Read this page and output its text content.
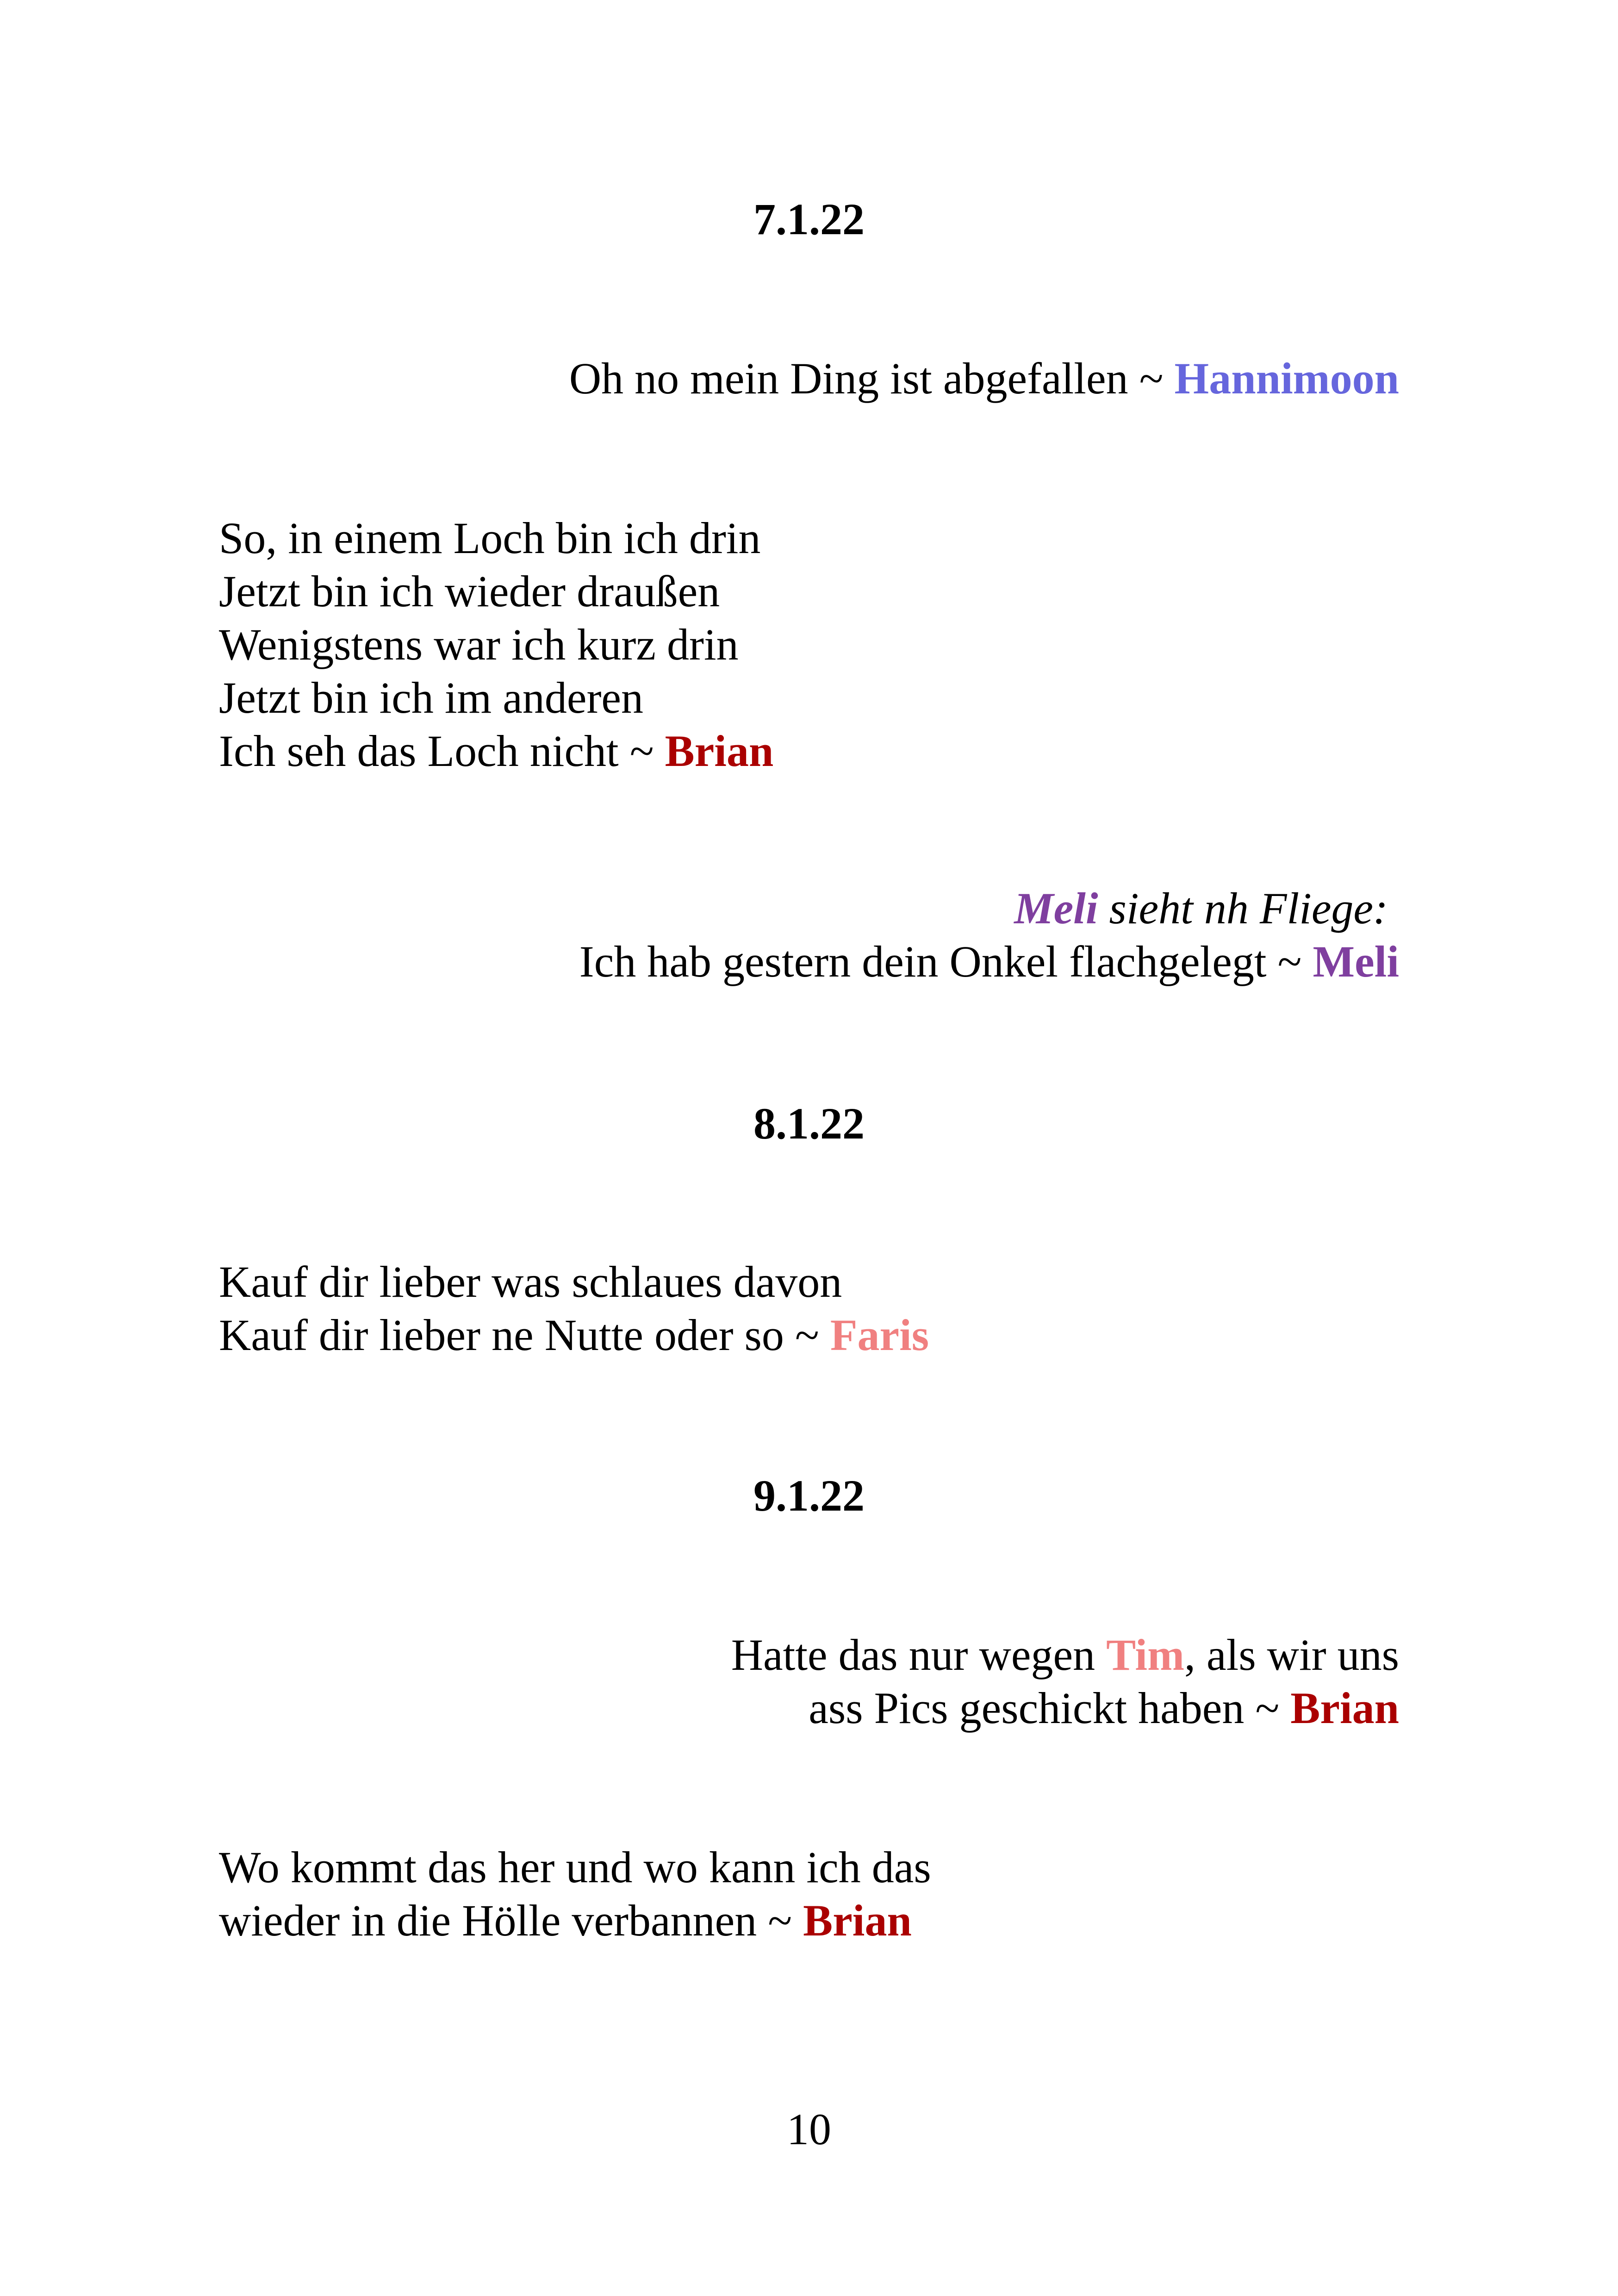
7.1.22

Oh no mein Ding ist abgefallen ~ Hannimoon
So, in einem Loch bin ich drin
Jetzt bin ich wieder draußen
Wenigstens war ich kurz drin
Jetzt bin ich im anderen
Ich seh das Loch nicht ~ Brian
Meli sieht nh Fliege:
Ich hab gestern dein Onkel flachgelegt ~ Meli

8.1.22

Kauf dir lieber was schlaues davon
Kauf dir lieber ne Nutte oder so ~ Faris

9.1.22

Hatte das nur wegen Tim, als wir uns
ass Pics geschickt haben ~ Brian
Wo kommt das her und wo kann ich das
wieder in die Hölle verbannen ~ Brian

10
